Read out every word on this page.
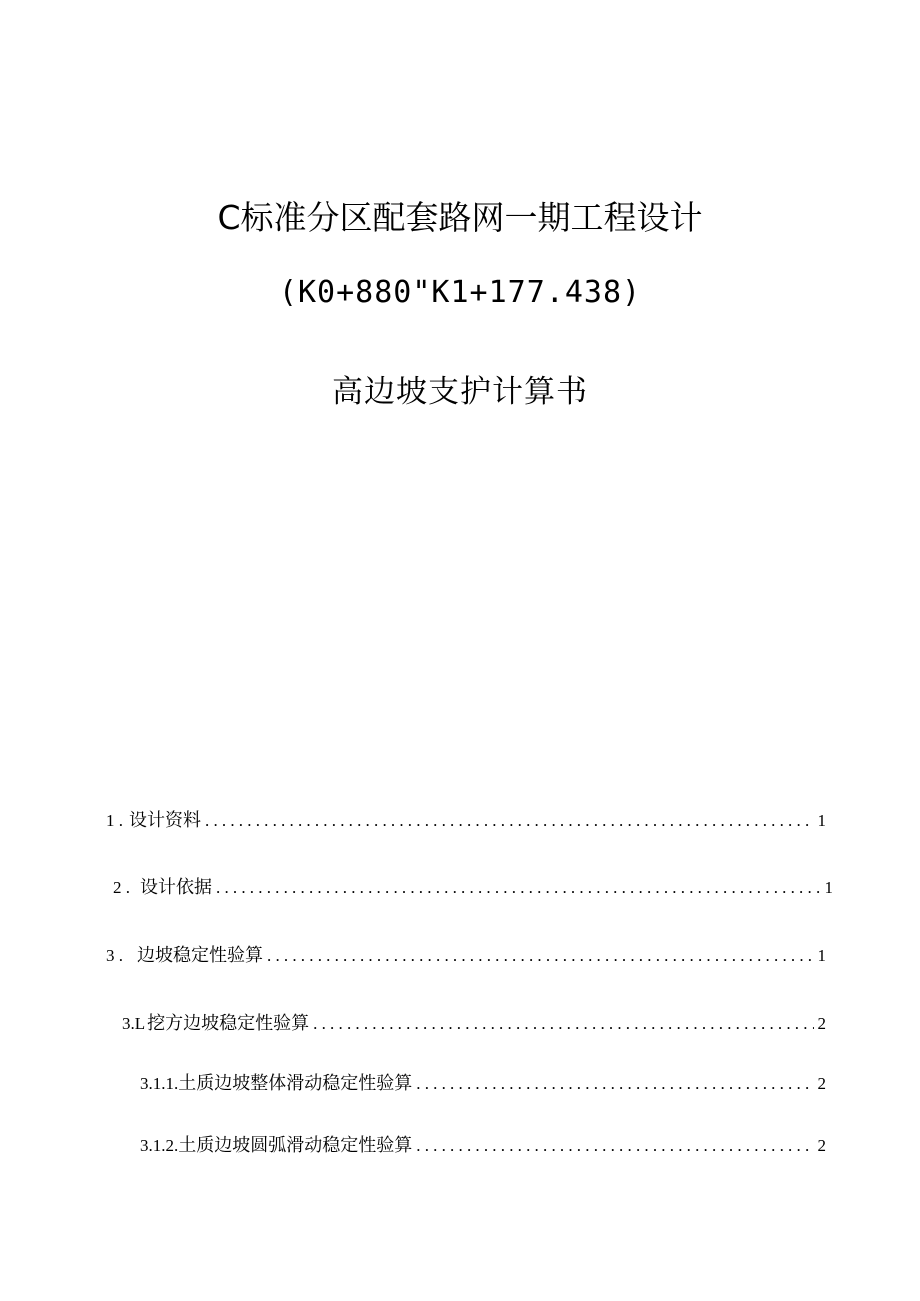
C标准分区配套路网一期工程设计
(K0+880"K1+177.438)
高边坡支护计算书
1 . 设计资料 .....	1
2 . 设计依据 .....	1
3 . 边坡稳定性验算 .....	1
3.L 挖方边坡稳定性验算 .....	2
3.1.1. 土质边坡整体滑动稳定性验算 .....	2
3.1.2. 土质边坡圆弧滑动稳定性验算 .....	2
